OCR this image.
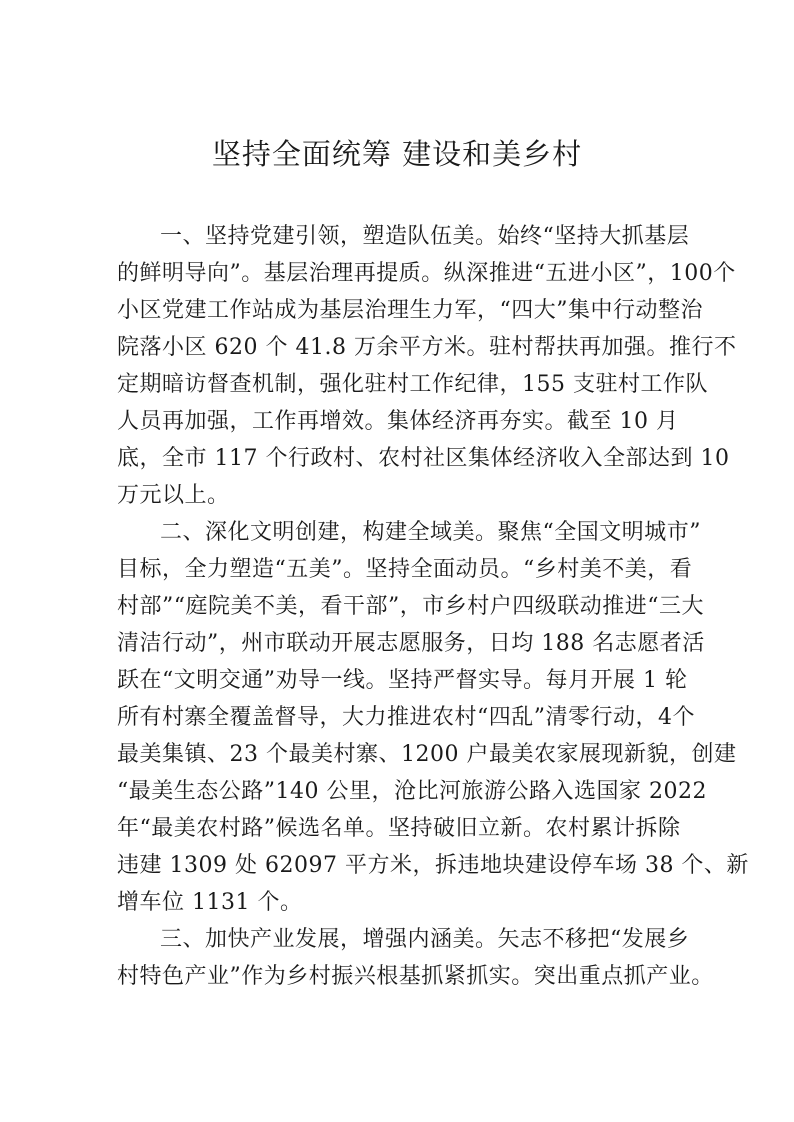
坚持全面统筹 建设和美乡村
一、坚持党建引领，塑造队伍美。始终“坚持大抓基层
的鲜明导向”。基层治理再提质。纵深推进“五进小区”，100个
小区党建工作站成为基层治理生力军，“四大”集中行动整治
院落小区 620 个 41.8 万余平方米。驻村帮扶再加强。推行不
定期暗访督查机制，强化驻村工作纪律，155 支驻村工作队
人员再加强，工作再增效。集体经济再夯实。截至 10 月
底，全市 117 个行政村、农村社区集体经济收入全部达到 10
万元以上。
二、深化文明创建，构建全域美。聚焦“全国文明城市”
目标，全力塑造“五美”。坚持全面动员。“乡村美不美，看
村部”“庭院美不美，看干部”，市乡村户四级联动推进“三大
清洁行动”，州市联动开展志愿服务，日均 188 名志愿者活
跃在“文明交通”劝导一线。坚持严督实导。每月开展 1 轮
所有村寨全覆盖督导，大力推进农村“四乱”清零行动，4个
最美集镇、23 个最美村寨、1200 户最美农家展现新貌，创建
“最美生态公路”140 公里，沧比河旅游公路入选国家 2022
年“最美农村路”候选名单。坚持破旧立新。农村累计拆除
违建 1309 处 62097 平方米，拆违地块建设停车场 38 个、新
增车位 1131 个。
三、加快产业发展，增强内涵美。矢志不移把“发展乡
村特色产业”作为乡村振兴根基抓紧抓实。突出重点抓产业。
